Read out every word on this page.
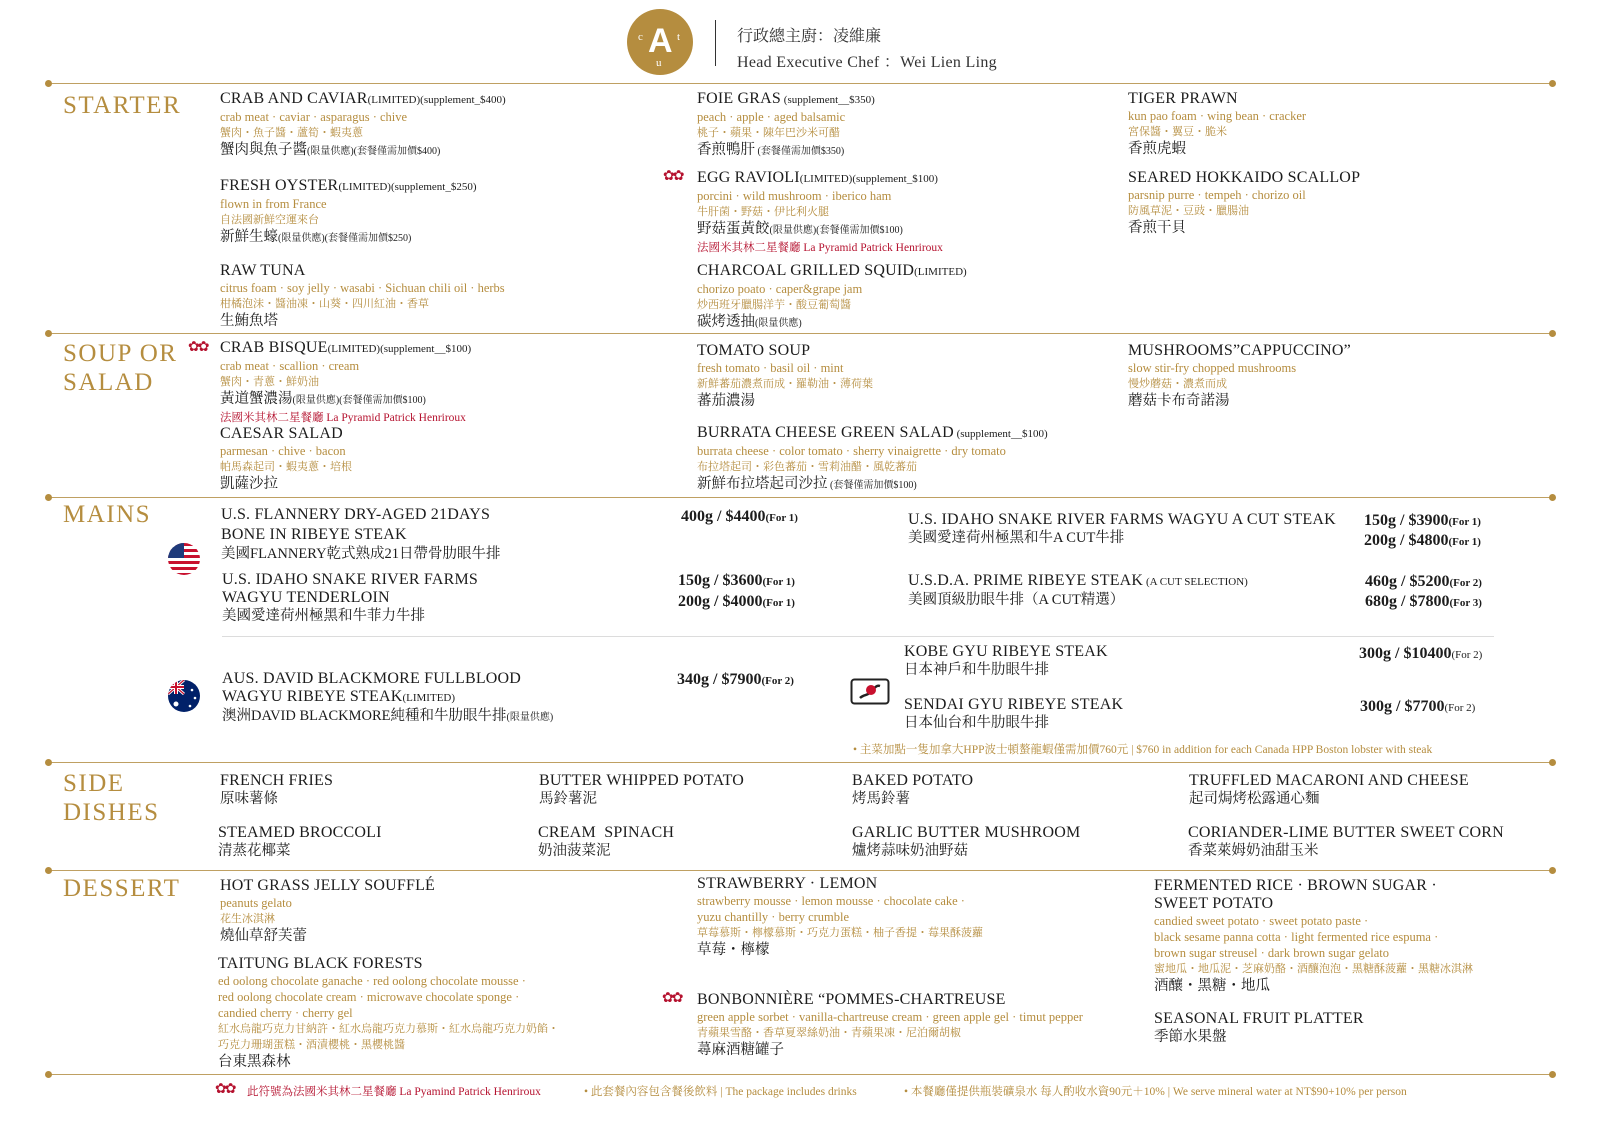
c A
u
t	行政總主廚：凌維廉
Head Executive Chef ：Wei Lien Ling
STARTER
SOUP OR
SALAD
MAINS
SIDE
DISHES
DESSERT
CRAB AND CAVIAR(LIMITED)(supplement_$400)
crab meat · caviar · asparagus · chive
蟹肉・魚子醬・蘆筍・蝦夷蔥
蟹肉與魚子醬(限量供應)(套餐僅需加價$400)
FRESH OYSTER(LIMITED)(supplement_$250)
flown in from France
自法國新鮮空運來台
新鮮生蠔(限量供應)(套餐僅需加價$250)
RAW TUNA
citrus foam · soy jelly · wasabi · Sichuan chili oil · herbs
柑橘泡沫・醬油凍・山葵・四川紅油・香草
生鮪魚塔
FOIE GRAS (supplement__$350)
peach · apple · aged balsamic
桃子・蘋果・陳年巴沙米可醋
香煎鴨肝 (套餐僅需加價$350)
✿✿ EGG RAVIOLI(LIMITED)(supplement_$100)
porcini · wild mushroom · iberico ham
牛肝菌・野菇・伊比利火腿
野菇蛋黃餃(限量供應)(套餐僅需加價$100)
法國米其林二星餐廳 La Pyramid Patrick Henriroux
CHARCOAL GRILLED SQUID(LIMITED)
chorizo poato · caper&grape jam
炒西班牙臘腸洋芋・酸豆葡萄醬
碳烤透抽(限量供應)
TIGER PRAWN
kun pao foam · wing bean · cracker
宮保醬・翼豆・脆米
香煎虎蝦
SEARED HOKKAIDO SCALLOP
parsnip purre · tempeh · chorizo oil
防風草泥・豆豉・臘腸油
香煎干貝
✿✿ CRAB BISQUE(LIMITED)(supplement__$100)
crab meat · scallion · cream
蟹肉・青蔥・鮮奶油
黃道蟹濃湯(限量供應)(套餐僅需加價$100)
法國米其林二星餐廳 La Pyramid Patrick Henriroux
CAESAR SALAD
parmesan · chive · bacon
帕馬森起司・蝦夷蔥・培根
凱薩沙拉
TOMATO SOUP
fresh tomato · basil oil · mint
新鮮蕃茄濃煮而成・羅勒油・薄荷葉
蕃茄濃湯
BURRATA CHEESE GREEN SALAD (supplement__$100)
burrata cheese · color tomato · sherry vinaigrette · dry tomato
布拉塔起司・彩色蕃茄・雪莉油醋・風乾蕃茄
新鮮布拉塔起司沙拉 (套餐僅需加價$100)
MUSHROOMS”CAPPUCCINO”
slow stir-fry chopped mushrooms
慢炒蘑菇・濃煮而成
蘑菇卡布奇諾湯
U.S. FLANNERY DRY-AGED 21DAYS
BONE IN RIBEYE STEAK
美國FLANNERY乾式熟成21日帶骨肋眼牛排
400g / $4400(For 1)
U.S. IDAHO SNAKE RIVER FARMS
WAGYU TENDERLOIN
美國愛達荷州極黑和牛菲力牛排
150g / $3600(For 1)
200g / $4000(For 1)
AUS. DAVID BLACKMORE FULLBLOOD
WAGYU RIBEYE STEAK(LIMITED)
澳洲DAVID BLACKMORE純種和牛肋眼牛排(限量供應)
340g / $7900(For 2)
U.S. IDAHO SNAKE RIVER FARMS WAGYU A CUT STEAK
美國愛達荷州極黑和牛A CUT牛排
150g / $3900(For 1)
200g / $4800(For 1)
U.S.D.A. PRIME RIBEYE STEAK (A CUT SELECTION)
美國頂級肋眼牛排（A CUT精選）
460g / $5200(For 2)
680g / $7800(For 3)
KOBE GYU RIBEYE STEAK
日本神戶和牛肋眼牛排
300g / $10400(For 2)
SENDAI GYU RIBEYE STEAK
日本仙台和牛肋眼牛排
300g / $7700(For 2)
• 主菜加點一隻加拿大HPP波士頓螯龍蝦僅需加價760元 | $760 in addition for each Canada HPP Boston lobster with steak
FRENCH FRIES
原味薯條
BUTTER WHIPPED POTATO
馬鈴薯泥
BAKED POTATO
烤馬鈴薯
TRUFFLED MACARONI AND CHEESE
起司焗烤松露通心麵
STEAMED BROCCOLI
清蒸花椰菜
CREAM  SPINACH
奶油菠菜泥
GARLIC BUTTER MUSHROOM
爐烤蒜味奶油野菇
CORIANDER-LIME BUTTER SWEET CORN
香菜萊姆奶油甜玉米
HOT GRASS JELLY SOUFFLÉ
peanuts gelato
花生冰淇淋
燒仙草舒芙蕾
TAITUNG BLACK FORESTS
ed oolong chocolate ganache · red oolong chocolate mousse ·
red oolong chocolate cream · microwave chocolate sponge ·
candied cherry · cherry gel
紅水烏龍巧克力甘納許・紅水烏龍巧克力慕斯・紅水烏龍巧克力奶餡・
巧克力珊瑚蛋糕・酒漬櫻桃・黑櫻桃醬
台東黑森林
STRAWBERRY · LEMON
strawberry mousse · lemon mousse · chocolate cake ·
yuzu chantilly · berry crumble
草莓慕斯・檸檬慕斯・巧克力蛋糕・柚子香提・莓果酥菠蘿
草莓・檸檬
✿✿ BONBONNIÈRE “POMMES-CHARTREUSE
green apple sorbet · vanilla-chartreuse cream · green apple gel · timut pepper
青蘋果雪酪・香草夏翠絲奶油・青蘋果凍・尼泊爾胡椒
蕁麻酒糖罐子
FERMENTED RICE · BROWN SUGAR ·
SWEET POTATO
candied sweet potato · sweet potato paste ·
black sesame panna cotta · light fermented rice espuma ·
brown sugar streusel · dark brown sugar gelato
蜜地瓜・地瓜泥・芝麻奶酪・酒釀泡泡・黑糖酥菠蘿・黑糖冰淇淋
酒釀・黑糖・地瓜
SEASONAL FRUIT PLATTER
季節水果盤
✿✿ 此符號為法國米其林二星餐廳 La Pyamind Patrick Henriroux	• 此套餐內容包含餐後飲料 | The package includes drinks	• 本餐廳僅提供瓶裝礦泉水 每人酌收水資90元＋10% | We serve mineral water at NT$90+10% per person
